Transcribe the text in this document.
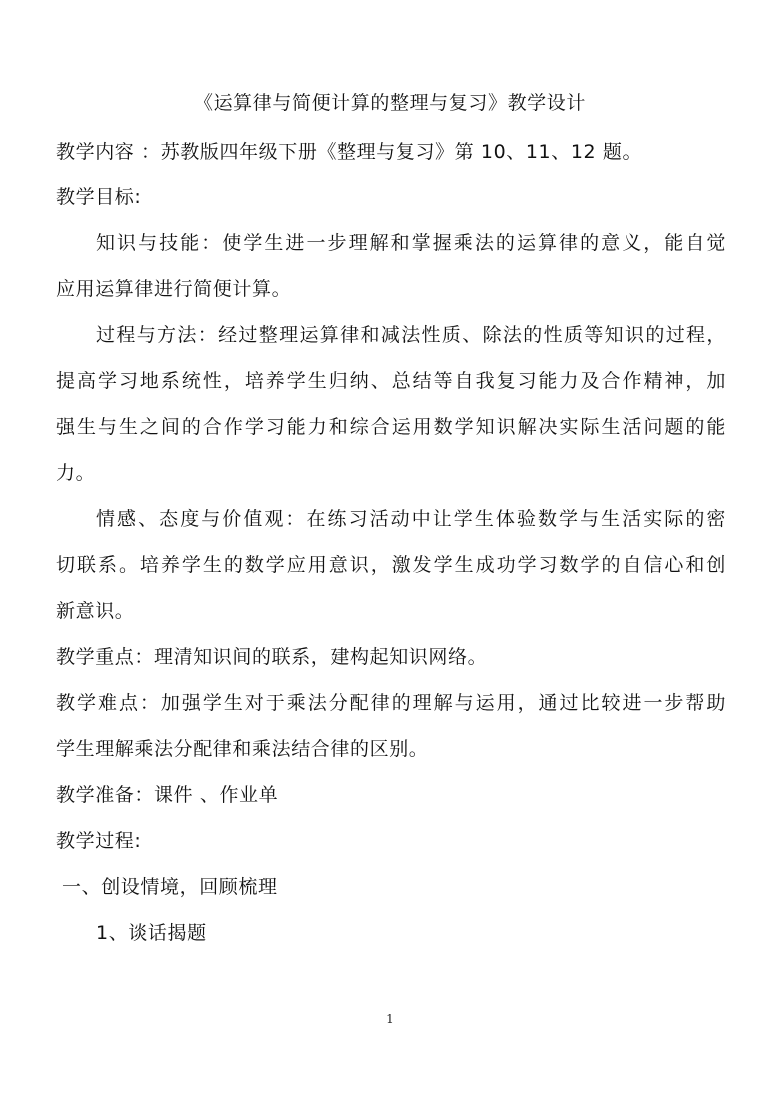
《运算律与简便计算的整理与复习》教学设计
教学内容 ：苏教版四年级下册《整理与复习》第 10、11、12 题。
教学目标:
知识与技能：使学生进一步理解和掌握乘法的运算律的意义，能自觉
应用运算律进行简便计算。
过程与方法：经过整理运算律和减法性质、除法的性质等知识的过程，
提高学习地系统性，培养学生归纳、总结等自我复习能力及合作精神，加
强生与生之间的合作学习能力和综合运用数学知识解决实际生活问题的能
力。
情感、态度与价值观：在练习活动中让学生体验数学与生活实际的密
切联系。培养学生的数学应用意识，激发学生成功学习数学的自信心和创
新意识。
教学重点：理清知识间的联系，建构起知识网络。
教学难点：加强学生对于乘法分配律的理解与运用，通过比较进一步帮助
学生理解乘法分配律和乘法结合律的区别。
教学准备：课件 、作业单
教学过程:
一、创设情境，回顾梳理
1、谈话揭题
1
